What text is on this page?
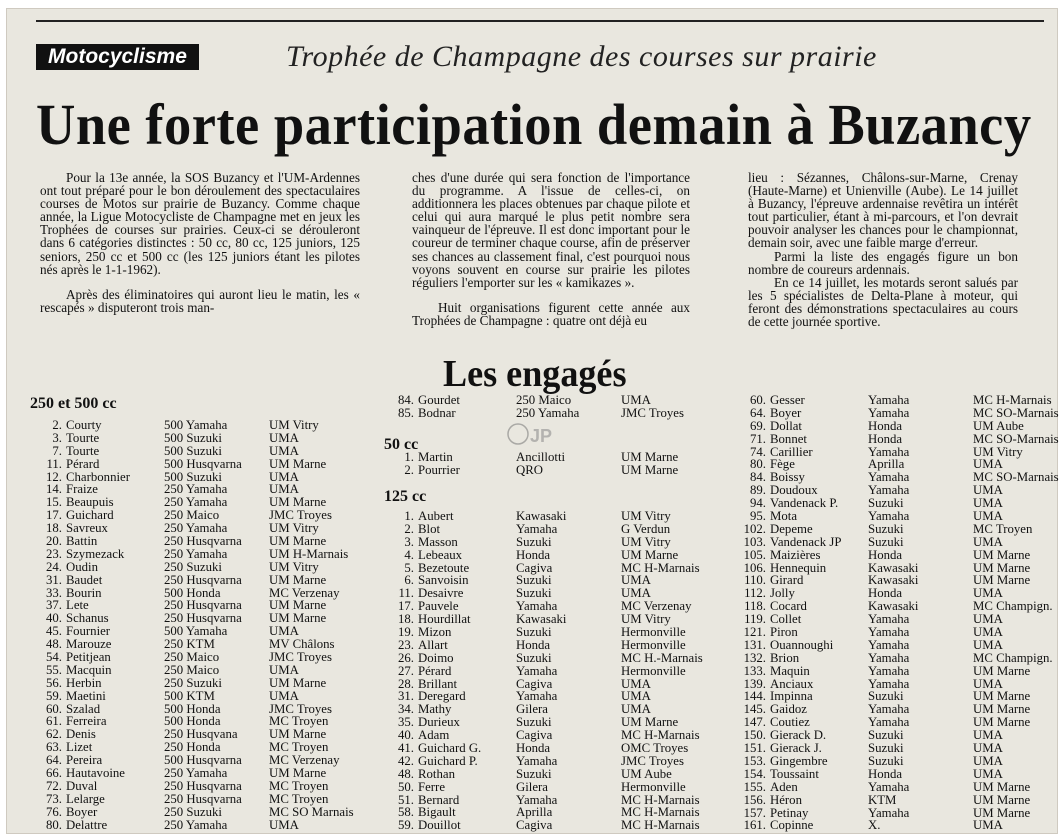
Motocyclisme	Trophée de Champagne des courses sur prairie
Une forte participation demain à Buzancy

Pour la 13e année, la SOS Buzancy et l'UM-Ardennes ont tout préparé pour le bon déroulement des spectaculaires courses de Motos sur prairie de Buzancy. Comme chaque année, la Ligue Motocycliste de Champagne met en jeux les Trophées de courses sur prairies. Ceux-ci se dérouleront dans 6 catégories distinctes : 50 cc, 80 cc, 125 juniors, 125 seniors, 250 cc et 500 cc (les 125 juniors étant les pilotes nés après le 1-1-1962).

Après des éliminatoires qui auront lieu le matin, les « rescapés » disputeront trois man-

ches d'une durée qui sera fonction de l'importance du programme. A l'issue de celles-ci, on additionnera les places obtenues par chaque pilote et celui qui aura marqué le plus petit nombre sera vainqueur de l'épreuve. Il est donc important pour le coureur de terminer chaque course, afin de préserver ses chances au classement final, c'est pourquoi nous voyons souvent en course sur prairie les pilotes réguliers l'emporter sur les « kamikazes ».

Huit organisations figurent cette année aux Trophées de Champagne : quatre ont déjà eu

lieu : Sézannes, Châlons-sur-Marne, Crenay (Haute-Marne) et Unienville (Aube). Le 14 juillet à Buzancy, l'épreuve ardennaise revêtira un intérêt tout particulier, étant à mi-parcours, et l'on devrait pouvoir analyser les chances pour le championnat, demain soir, avec une faible marge d'erreur.

Parmi la liste des engagés figure un bon nombre de coureurs ardennais.

En ce 14 juillet, les motards seront salués par les 5 spécialistes de Delta-Plane à moteur, qui feront des démonstrations spectaculaires au cours de cette journée sportive.

Les engagés
250 et 500 cc
2. Courty	500 Yamaha	UM Vitry
3. Tourte	500 Suzuki	UMA
7. Tourte	500 Suzuki	UMA
11. Pérard	500 Husqvarna UM Marne
12. Charbonnier	500 Suzuki	UMA
14. Fraize	250 Yamaha	UMA
15. Beaupuis	250 Yamaha	UM Marne
17. Guichard	250 Maico	JMC Troyes
18. Savreux	250 Yamaha	UM Vitry
20. Battin	250 Husqvarna UM Marne
23. Szymezack	250 Yamaha	UM H-Marnais
24. Oudin	250 Suzuki	UM Vitry
31. Baudet	250 Husqvarna UM Marne
33. Bourin	500 Honda	MC Verzenay
37. Lete	250 Husqvarna UM Marne
40. Schanus	250 Husqvarna UM Marne
45. Fournier	500 Yamaha	UMA
48. Marouze	250 KTM	MV Châlons
54. Petitjean	250 Maico	JMC Troyes
55. Macquin	250 Maico	UMA
56. Herbin	250 Suzuki	UM Marne
59. Maetini	500 KTM	UMA
60. Szalad	500 Honda	JMC Troyes
61. Ferreira	500 Honda	MC Troyen
62. Denis	250 Husqvana UM Marne
63. Lizet	250 Honda	MC Troyen
64. Pereira	500 Husqvarna MC Verzenay
66. Hautavoine	250 Yamaha	UM Marne
72. Duval	250 Husqvarna MC Troyen
73. Lelarge	250 Husqvarna MC Troyen
76. Boyer	250 Suzuki	MC SO Marnais
80. Delattre	250 Yamaha	UMA
84. Gourdet	250 Maico	UMA
85. Bodnar	250 Yamaha	JMC Troyes
50 cc
1. Martin	Ancillotti	UM Marne
2. Pourrier	QRO	UM Marne
125 cc
1. Aubert	Kawasaki	UM Vitry
2. Blot	Yamaha	G Verdun
3. Masson	Suzuki	UM Vitry
4. Lebeaux	Honda	UM Marne
5. Bezetoute	Cagiva	MC H-Marnais
6. Sanvoisin	Suzuki	UMA
11. Desaivre	Suzuki	UMA
17. Pauvele	Yamaha	MC Verzenay
18. Hourdillat	Kawasaki	UM Vitry
19. Mizon	Suzuki	Hermonville
23. Allart	Honda	Hermonville
26. Doimo	Suzuki	MC H.-Marnais
27. Pérard	Yamaha	Hermonville
28. Brillant	Cagiva	UMA
31. Deregard	Yamaha	UMA
34. Mathy	Gilera	UMA
35. Durieux	Suzuki	UM Marne
40. Adam	Cagiva	MC H-Marnais
41. Guichard G.	Honda	OMC Troyes
42. Guichard P.	Yamaha	JMC Troyes
48. Rothan	Suzuki	UM Aube
50. Ferre	Gilera	Hermonville
51. Bernard	Yamaha	MC H-Marnais
58. Bigault	Aprilla	MC H-Marnais
59. Douillot	Cagiva	MC H-Marnais
60. Gesser	Yamaha	MC H-Marnais
64. Boyer	Yamaha	MC SO-Marnais
69. Dollat	Honda	UM Aube
71. Bonnet	Honda	MC SO-Marnais
74. Carillier	Yamaha	UM Vitry
80. Fège	Aprilla	UMA
84. Boissy	Yamaha	MC SO-Marnais
89. Doudoux	Yamaha	UMA
94. Vandenack P. Suzuki	UMA
95. Mota	Yamaha	UMA
102. Depeme	Suzuki	MC Troyen
103. Vandenack JP Suzuki	UMA
105. Maizières	Honda	UM Marne
106. Hennequin	Kawasaki	UM Marne
110. Girard	Kawasaki	UM Marne
112. Jolly	Honda	UMA
118. Cocard	Kawasaki	MC Champign.
119. Collet	Yamaha	UMA
121. Piron	Yamaha	UMA
131. Ouannoughi	Yamaha	UMA
132. Brion	Yamaha	MC Champign.
133. Maquin	Yamaha	UM Marne
139. Anciaux	Yamaha	UMA
144. Impinna	Suzuki	UM Marne
145. Gaidoz	Yamaha	UM Marne
147. Coutiez	Yamaha	UM Marne
150. Gierack D.	Suzuki	UMA
151. Gierack J.	Suzuki	UMA
153. Gingembre	Suzuki	UMA
154. Toussaint	Honda	UMA
155. Aden	Yamaha	UM Marne
156. Héron	KTM	UM Marne
157. Petinay	Yamaha	UM Marne
161. Copinne	X.	UMA
JP
